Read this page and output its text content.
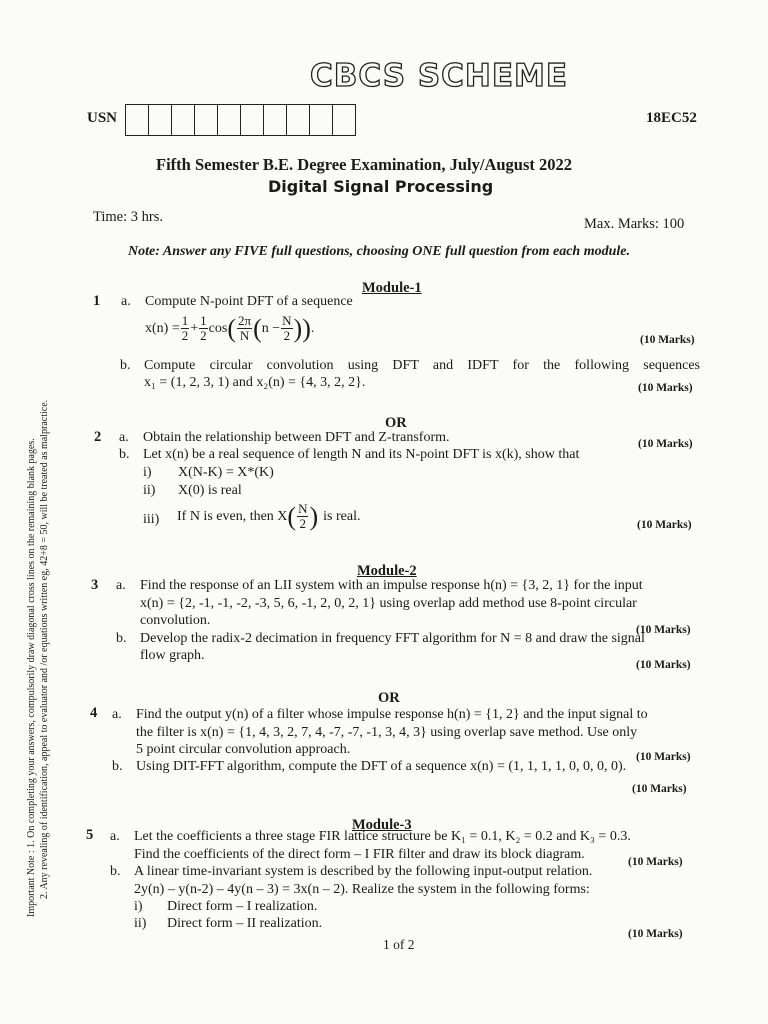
CBCS SCHEME
USN	18EC52
Fifth Semester B.E. Degree Examination, July/August 2022
Digital Signal Processing
Time: 3 hrs.	Max. Marks: 100
Note: Answer any FIVE full questions, choosing ONE full question from each module.
Important Note : 1. On completing your answers, compulsorily draw diagonal cross lines on the remaining blank pages. 2. Any revealing of identification, appeal to evaluator and /or equations written eg, 42+8 = 50, will be treated as malpractice.
Module-1
1 a. Compute N-point DFT of a sequence
$x(n) = \frac{1}{2} + \frac{1}{2}$ cos ( $\frac{2\pi}{N}$ ( $n - \frac{N}{2}$ )) .
(10 Marks)
b. Compute circular convolution using DFT and IDFT for the following sequences
x₁ = (1, 2, 3, 1) and x₂(n) = {4, 3, 2, 2}.	(10 Marks)
OR
2 a. Obtain the relationship between DFT and Z-transform.	(10 Marks)
b. Let x(n) be a real sequence of length N and its N-point DFT is x(k), show that
i) X(N-K) = X*(K)
ii) X(0) is real
iii) If N is even, then X ( $\frac{N}{2}$ ) is real.
(10 Marks)
Module-2
3 a. Find the response of an LII system with an impulse response h(n) = {3, 2, 1} for the input
x(n) = {2, -1, -1, -2, -3, 5, 6, -1, 2, 0, 2, 1} using overlap add method use 8-point circular
convolution.
(10 Marks)
b. Develop the radix-2 decimation in frequency FFT algorithm for N = 8 and draw the signal
flow graph.
(10 Marks)
OR
4 a. Find the output y(n) of a filter whose impulse response h(n) = {1, 2} and the input signal to
the filter is x(n) = {1, 4, 3, 2, 7, 4, -7, -7, -1, 3, 4, 3} using overlap save method. Use only
5 point circular convolution approach.	(10 Marks)
b. Using DIT-FFT algorithm, compute the DFT of a sequence x(n) = (1, 1, 1, 1, 0, 0, 0, 0).
(10 Marks)
Module-3
5 a. Let the coefficients a three stage FIR lattice structure be K₁ = 0.1, K₂ = 0.2 and K₃ = 0.3.
Find the coefficients of the direct form – I FIR filter and draw its block diagram.	(10 Marks)
b. A linear time-invariant system is described by the following input-output relation.
2y(n) – y(n-2) – 4y(n – 3) = 3x(n – 2). Realize the system in the following forms:
i) Direct form – I realization.
ii) Direct form – II realization.
(10 Marks)
1 of 2
